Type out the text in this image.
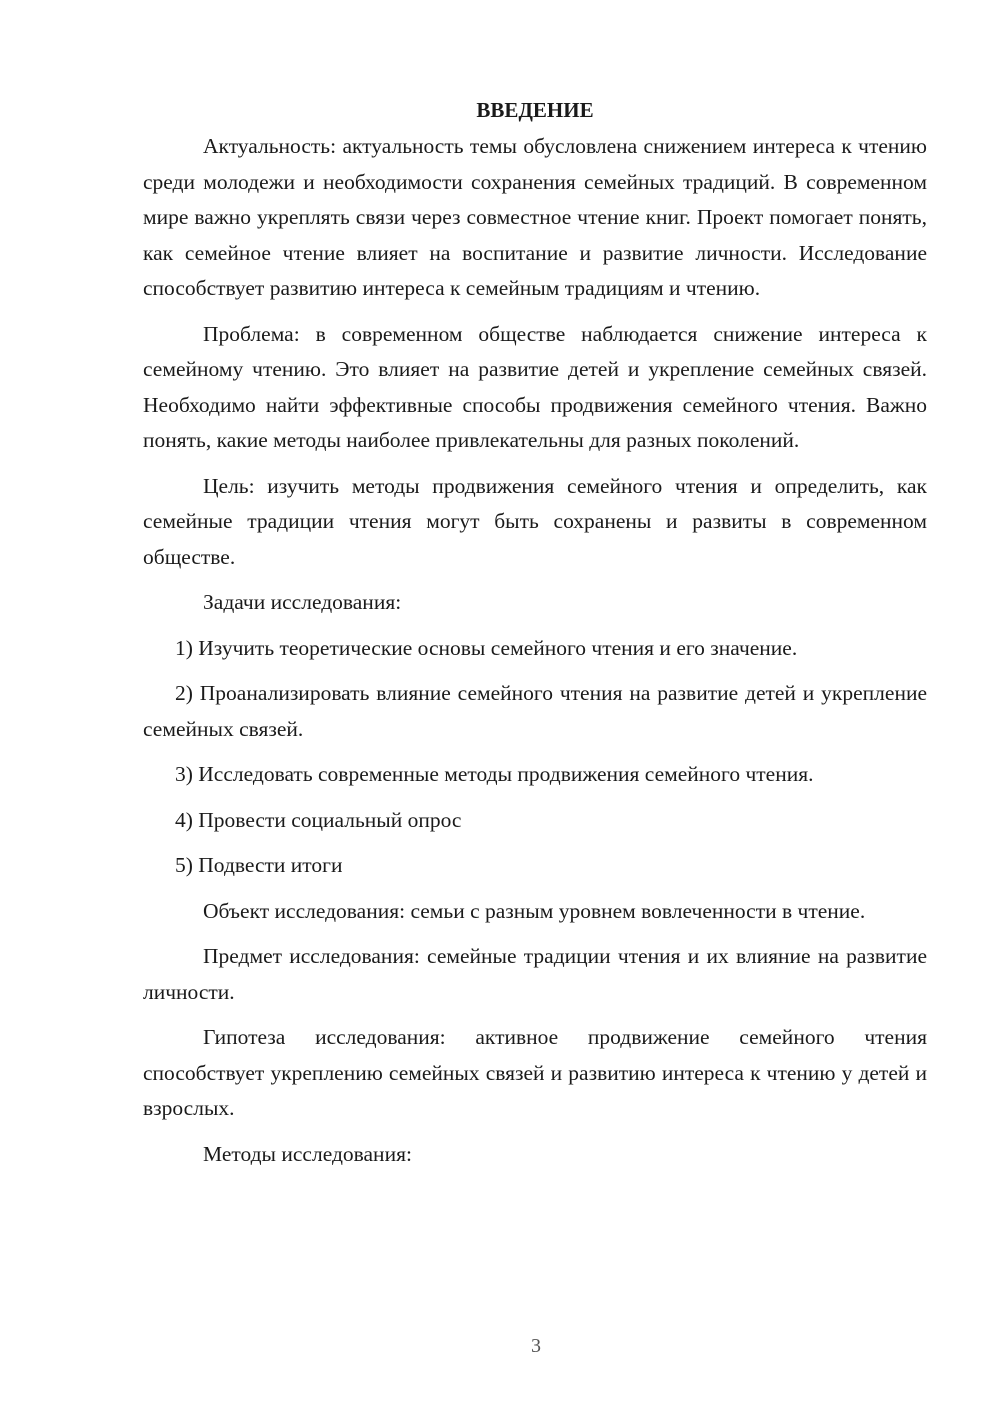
ВВЕДЕНИЕ

Актуальность: актуальность темы обусловлена снижением интереса к чтению среди молодежи и необходимости сохранения семейных традиций. В современном мире важно укреплять связи через совместное чтение книг. Проект помогает понять, как семейное чтение влияет на воспитание и развитие личности. Исследование способствует развитию интереса к семейным традициям и чтению.

Проблема: в современном обществе наблюдается снижение интереса к семейному чтению. Это влияет на развитие детей и укрепление семейных связей. Необходимо найти эффективные способы продвижения семейного чтения. Важно понять, какие методы наиболее привлекательны для разных поколений.

Цель: изучить методы продвижения семейного чтения и определить, как семейные традиции чтения могут быть сохранены и развиты в современном обществе.

Задачи исследования:

1) Изучить теоретические основы семейного чтения и его значение.

2) Проанализировать влияние семейного чтения на развитие детей и укрепление семейных связей.

3) Исследовать современные методы продвижения семейного чтения.

4) Провести социальный опрос

5) Подвести итоги

Объект исследования: семьи с разным уровнем вовлеченности в чтение.

Предмет исследования: семейные традиции чтения и их влияние на развитие личности.

Гипотеза исследования: активное продвижение семейного чтения способствует укреплению семейных связей и развитию интереса к чтению у детей и взрослых.

Методы исследования:

3
